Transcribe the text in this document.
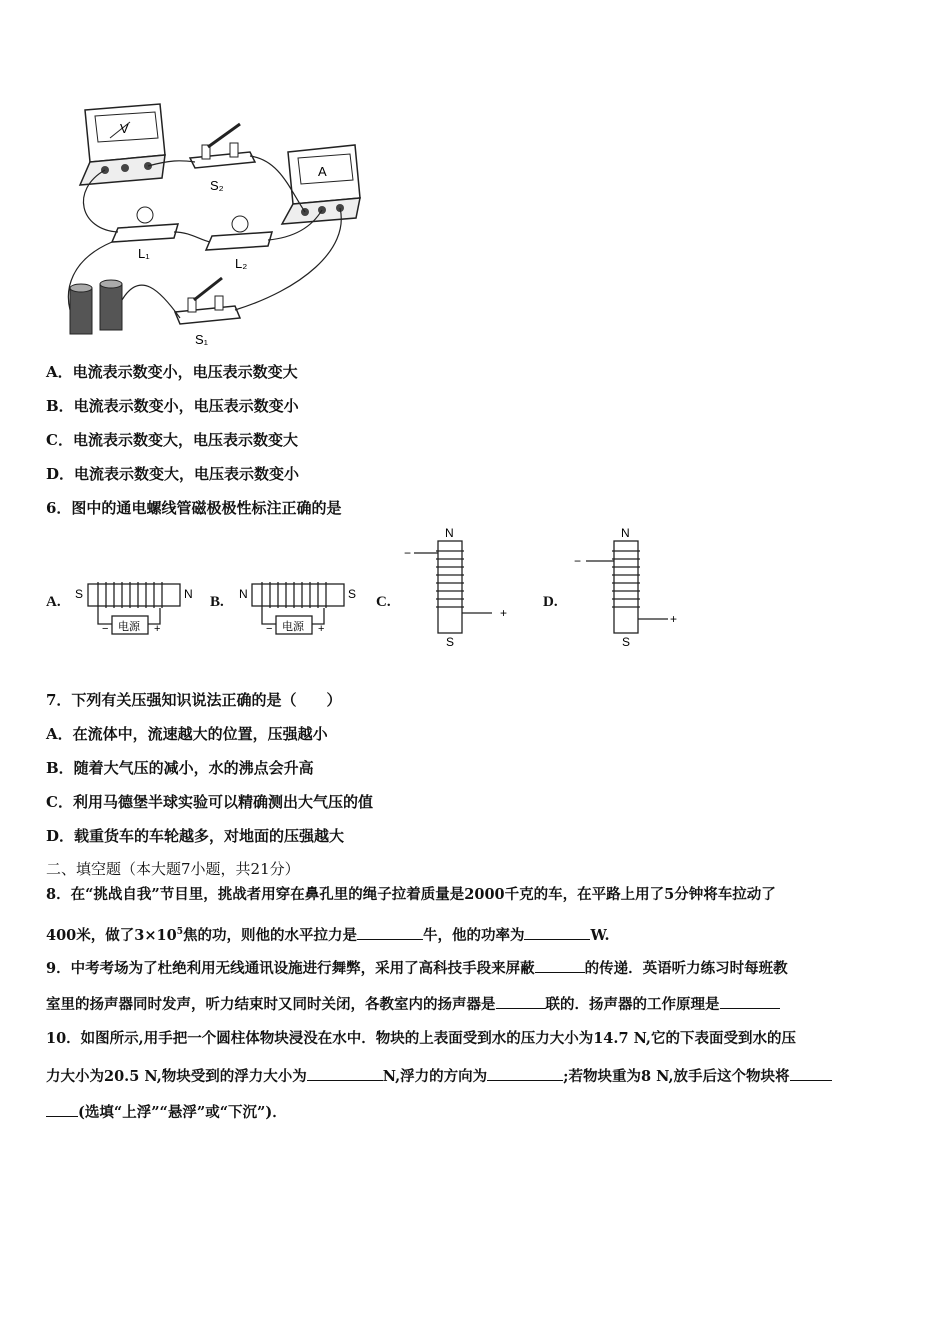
V
A
S₂
L₁
L₂
S₁
A．电流表示数变小，电压表示数变大
B．电流表示数变小，电压表示数变小
C．电流表示数变大，电压表示数变大
D．电流表示数变大，电压表示数变小
6．图中的通电螺线管磁极极性标注正确的是
A. S	N
−	+
电源
B. N	S
−	+
电源
C.
N
S
−
+
D.
N
S
−
+
7．下列有关压强知识说法正确的是（　　）
A．在流体中，流速越大的位置，压强越小
B．随着大气压的减小，水的沸点会升高
C．利用马德堡半球实验可以精确测出大气压的值
D．载重货车的车轮越多，对地面的压强越大
二、填空题（本大题7小题，共21分）
8．在“挑战自我”节目里，挑战者用穿在鼻孔里的绳子拉着质量是2000千克的车，在平路上用了5分钟将车拉动了
400米，做了$3\times 10^5$焦的功，则他的水平拉力是	牛，他的功率为	W.
9．中考考场为了杜绝利用无线通讯设施进行舞弊，采用了高科技手段来屏蔽	的传递．英语听力练习时每班教
室里的扬声器同时发声，听力结束时又同时关闭，各教室内的扬声器是	联的．扬声器的工作原理是
10．如图所示,用手把一个圆柱体物块浸没在水中．物块的上表面受到水的压力大小为14.7 N,它的下表面受到水的压
力大小为20.5 N,物块受到的浮力大小为	N,浮力的方向为	;若物块重为8 N,放手后这个物块将
(选填“上浮”“悬浮”或“下沉”)．
